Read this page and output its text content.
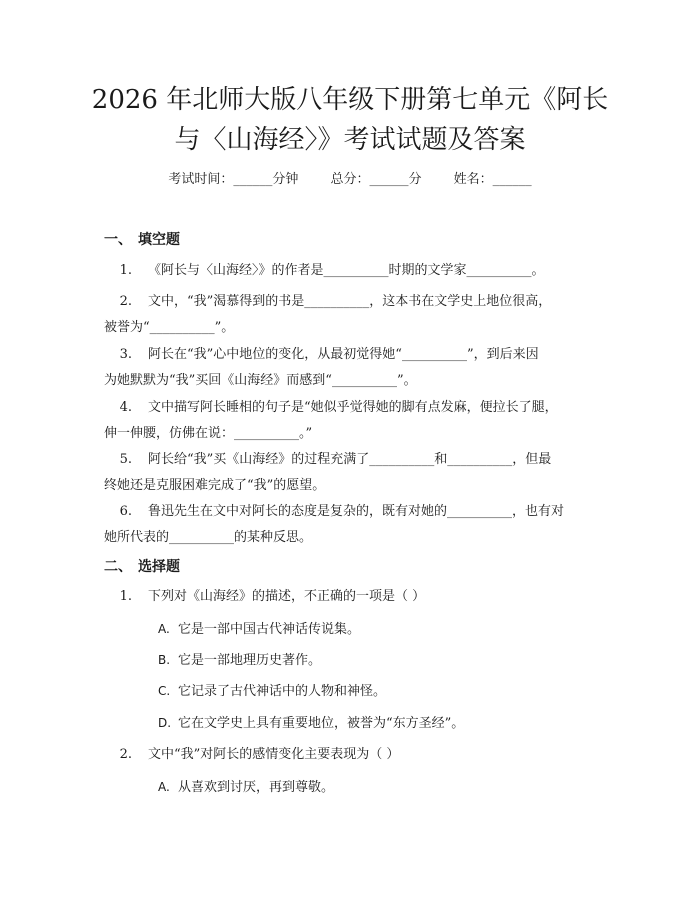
2026 年北师大版八年级下册第七单元《阿长
与〈山海经〉》考试试题及答案
考试时间：______分钟 总分：______分 姓名：______
一、 填空题
1. 《阿长与〈山海经〉》的作者是__________时期的文学家__________。
2. 文中，“我”渴慕得到的书是__________，这本书在文学史上地位很高，
被誉为“__________”。
3. 阿长在“我”心中地位的变化，从最初觉得她“__________”，到后来因
为她默默为“我”买回《山海经》而感到“__________”。
4. 文中描写阿长睡相的句子是“她似乎觉得她的脚有点发麻，便拉长了腿，
伸一伸腰，仿佛在说：__________。”
5. 阿长给“我”买《山海经》的过程充满了__________和__________，但最
终她还是克服困难完成了“我”的愿望。
6. 鲁迅先生在文中对阿长的态度是复杂的，既有对她的__________，也有对
她所代表的__________的某种反思。
二、 选择题
1. 下列对《山海经》的描述，不正确的一项是（ ）
A. 它是一部中国古代神话传说集。
B. 它是一部地理历史著作。
C. 它记录了古代神话中的人物和神怪。
D. 它在文学史上具有重要地位，被誉为“东方圣经”。
2. 文中“我”对阿长的感情变化主要表现为（ ）
A. 从喜欢到讨厌，再到尊敬。
